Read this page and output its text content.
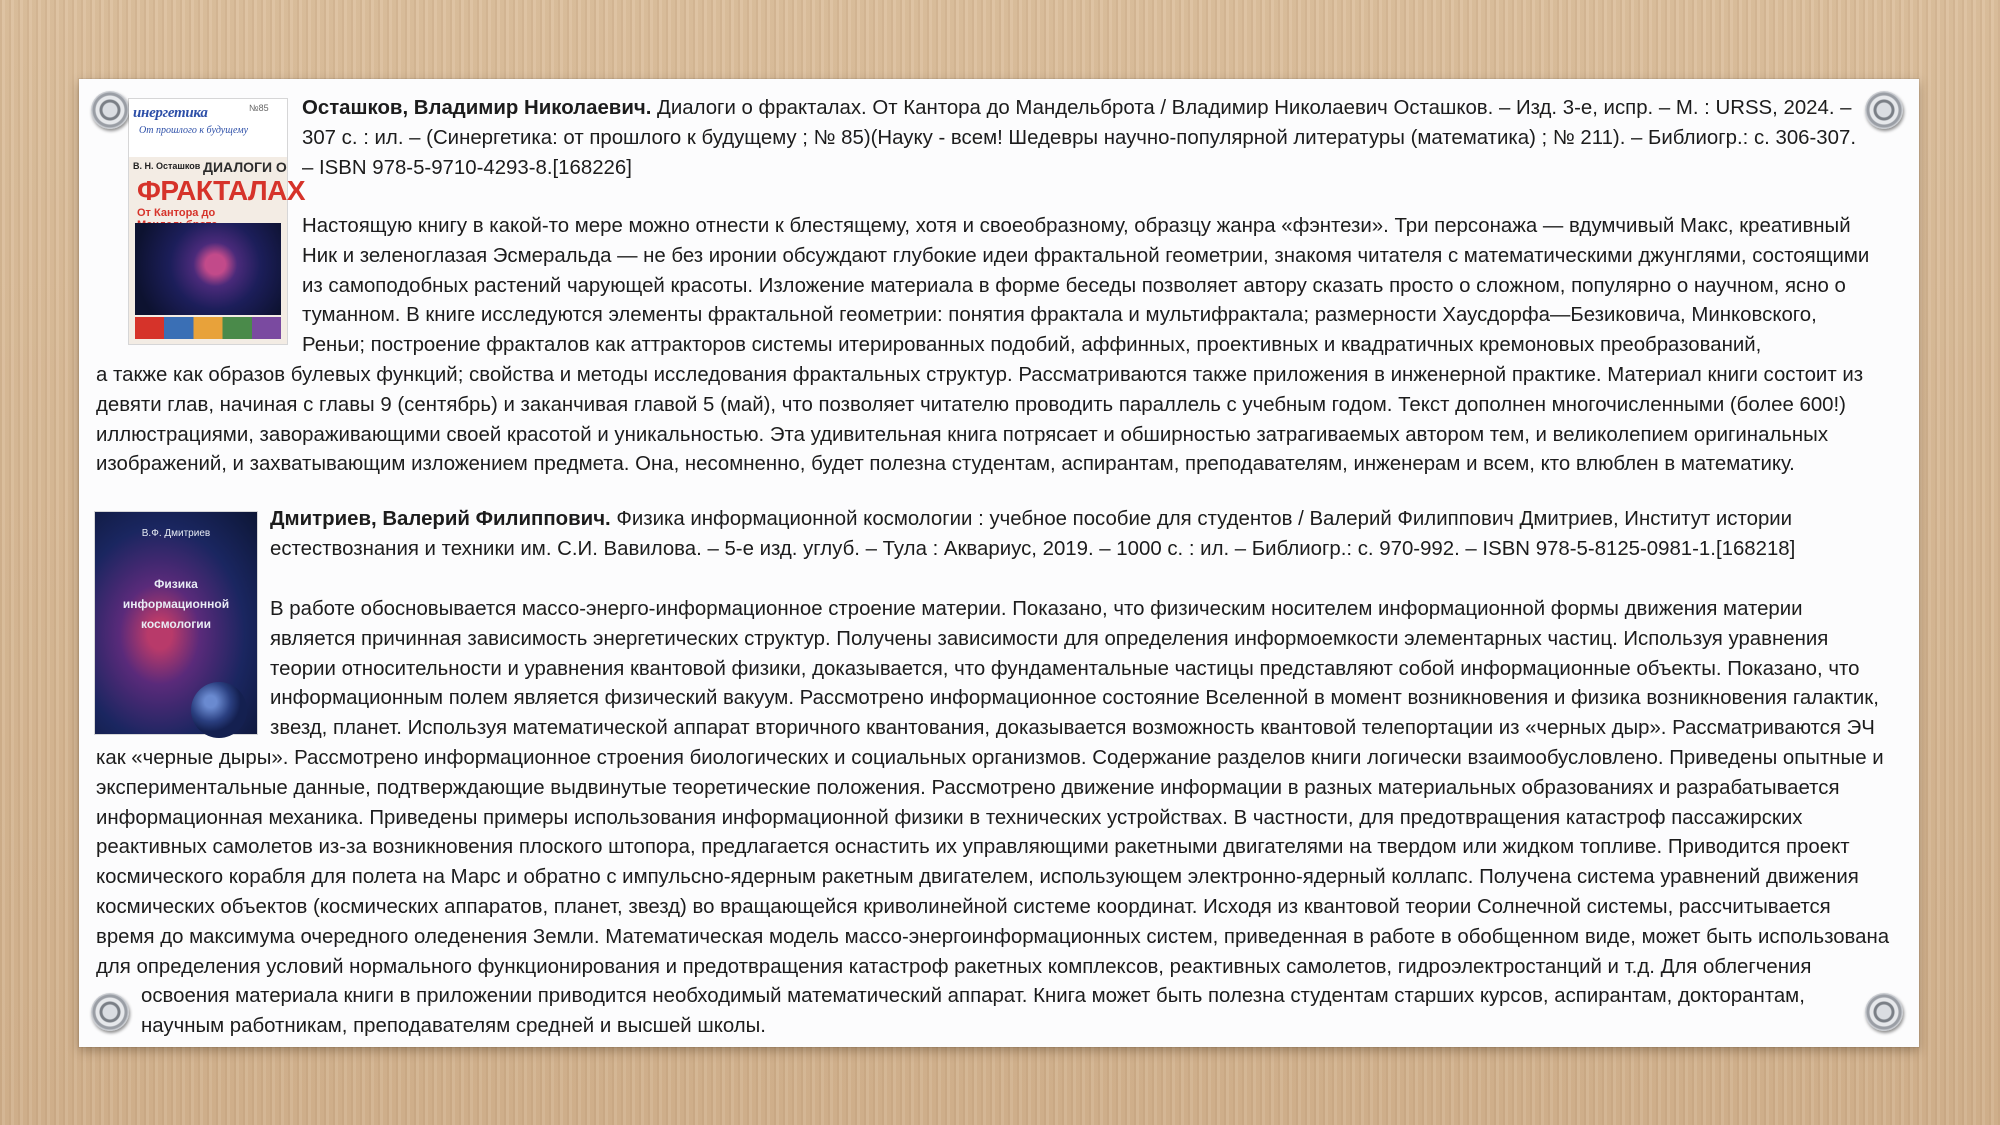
инергетика
От прошлого к будущему
№85
В. Н. Осташков ДИАЛОГИ О
ФРАКТАЛАХ
От Кантора до
В.Ф. Дмитриев
Физика
информационной
космологии
Осташков, Владимир Николаевич. Диалоги о фракталах. От Кантора до Мандельброта / Владимир Николаевич Осташков. – Изд. 3-е, испр. – М. : URSS, 2024. –
307 с. : ил. – (Синергетика: от прошлого к будущему ; № 85)(Науку - всем! Шедевры научно-популярной литературы (математика) ; № 211). – Библиогр.: с. 306-307.
– ISBN 978-5-9710-4293-8.[168226]
Настоящую книгу в какой-то мере можно отнести к блестящему, хотя и своеобразному, образцу жанра «фэнтези». Три персонажа — вдумчивый Макс, креативный
Ник и зеленоглазая Эсмеральда — не без иронии обсуждают глубокие идеи фрактальной геометрии, знакомя читателя с математическими джунглями, состоящими
из самоподобных растений чарующей красоты. Изложение материала в форме беседы позволяет автору сказать просто о сложном, популярно о научном, ясно о
туманном. В книге исследуются элементы фрактальной геометрии: понятия фрактала и мультифрактала; размерности Хаусдорфа—Безиковича, Минковского,
Реньи; построение фракталов как аттракторов системы итерированных подобий, аффинных, проективных и квадратичных кремоновых преобразований,
а также как образов булевых функций; свойства и методы исследования фрактальных структур. Рассматриваются также приложения в инженерной практике. Материал книги состоит из
девяти глав, начиная с главы 9 (сентябрь) и заканчивая главой 5 (май), что позволяет читателю проводить параллель с учебным годом. Текст дополнен многочисленными (более 600!)
иллюстрациями, завораживающими своей красотой и уникальностью. Эта удивительная книга потрясает и обширностью затрагиваемых автором тем, и великолепием оригинальных
изображений, и захватывающим изложением предмета. Она, несомненно, будет полезна студентам, аспирантам, преподавателям, инженерам и всем, кто влюблен в математику.
Дмитриев, Валерий Филиппович. Физика информационной космологии : учебное пособие для студентов / Валерий Филиппович Дмитриев, Институт истории
естествознания и техники им. С.И. Вавилова. – 5-е изд. углуб. – Тула : Аквариус, 2019. – 1000 с. : ил. – Библиогр.: с. 970-992. – ISBN 978-5-8125-0981-1.[168218]
В работе обосновывается массо-энерго-информационное строение материи. Показано, что физическим носителем информационной формы движения материи
является причинная зависимость энергетических структур. Получены зависимости для определения информоемкости элементарных частиц. Используя уравнения
теории относительности и уравнения квантовой физики, доказывается, что фундаментальные частицы представляют собой информационные объекты. Показано, что
информационным полем является физический вакуум. Рассмотрено информационное состояние Вселенной в момент возникновения и физика возникновения галактик,
звезд, планет. Используя математической аппарат вторичного квантования, доказывается возможность квантовой телепортации из «черных дыр». Рассматриваются ЭЧ
как «черные дыры». Рассмотрено информационное строения биологических и социальных организмов. Содержание разделов книги логически взаимообусловлено. Приведены опытные и
экспериментальные данные, подтверждающие выдвинутые теоретические положения. Рассмотрено движение информации в разных материальных образованиях и разрабатывается
информационная механика. Приведены примеры использования информационной физики в технических устройствах. В частности, для предотвращения катастроф пассажирских
реактивных самолетов из-за возникновения плоского штопора, предлагается оснастить их управляющими ракетными двигателями на твердом или жидком топливе. Приводится проект
космического корабля для полета на Марс и обратно с импульсно-ядерным ракетным двигателем, использующем электронно-ядерный коллапс. Получена система уравнений движения
космических объектов (космических аппаратов, планет, звезд) во вращающейся криволинейной системе координат. Исходя из квантовой теории Солнечной системы, рассчитывается
время до максимума очередного оледенения Земли. Математическая модель массо-энергоинформационных систем, приведенная в работе в обобщенном виде, может быть использована
для определения условий нормального функционирования и предотвращения катастроф ракетных комплексов, реактивных самолетов, гидроэлектростанций и т.д. Для облегчения
освоения материала книги в приложении приводится необходимый математический аппарат. Книга может быть полезна студентам старших курсов, аспирантам, докторантам,
научным работникам, преподавателям средней и высшей школы.
